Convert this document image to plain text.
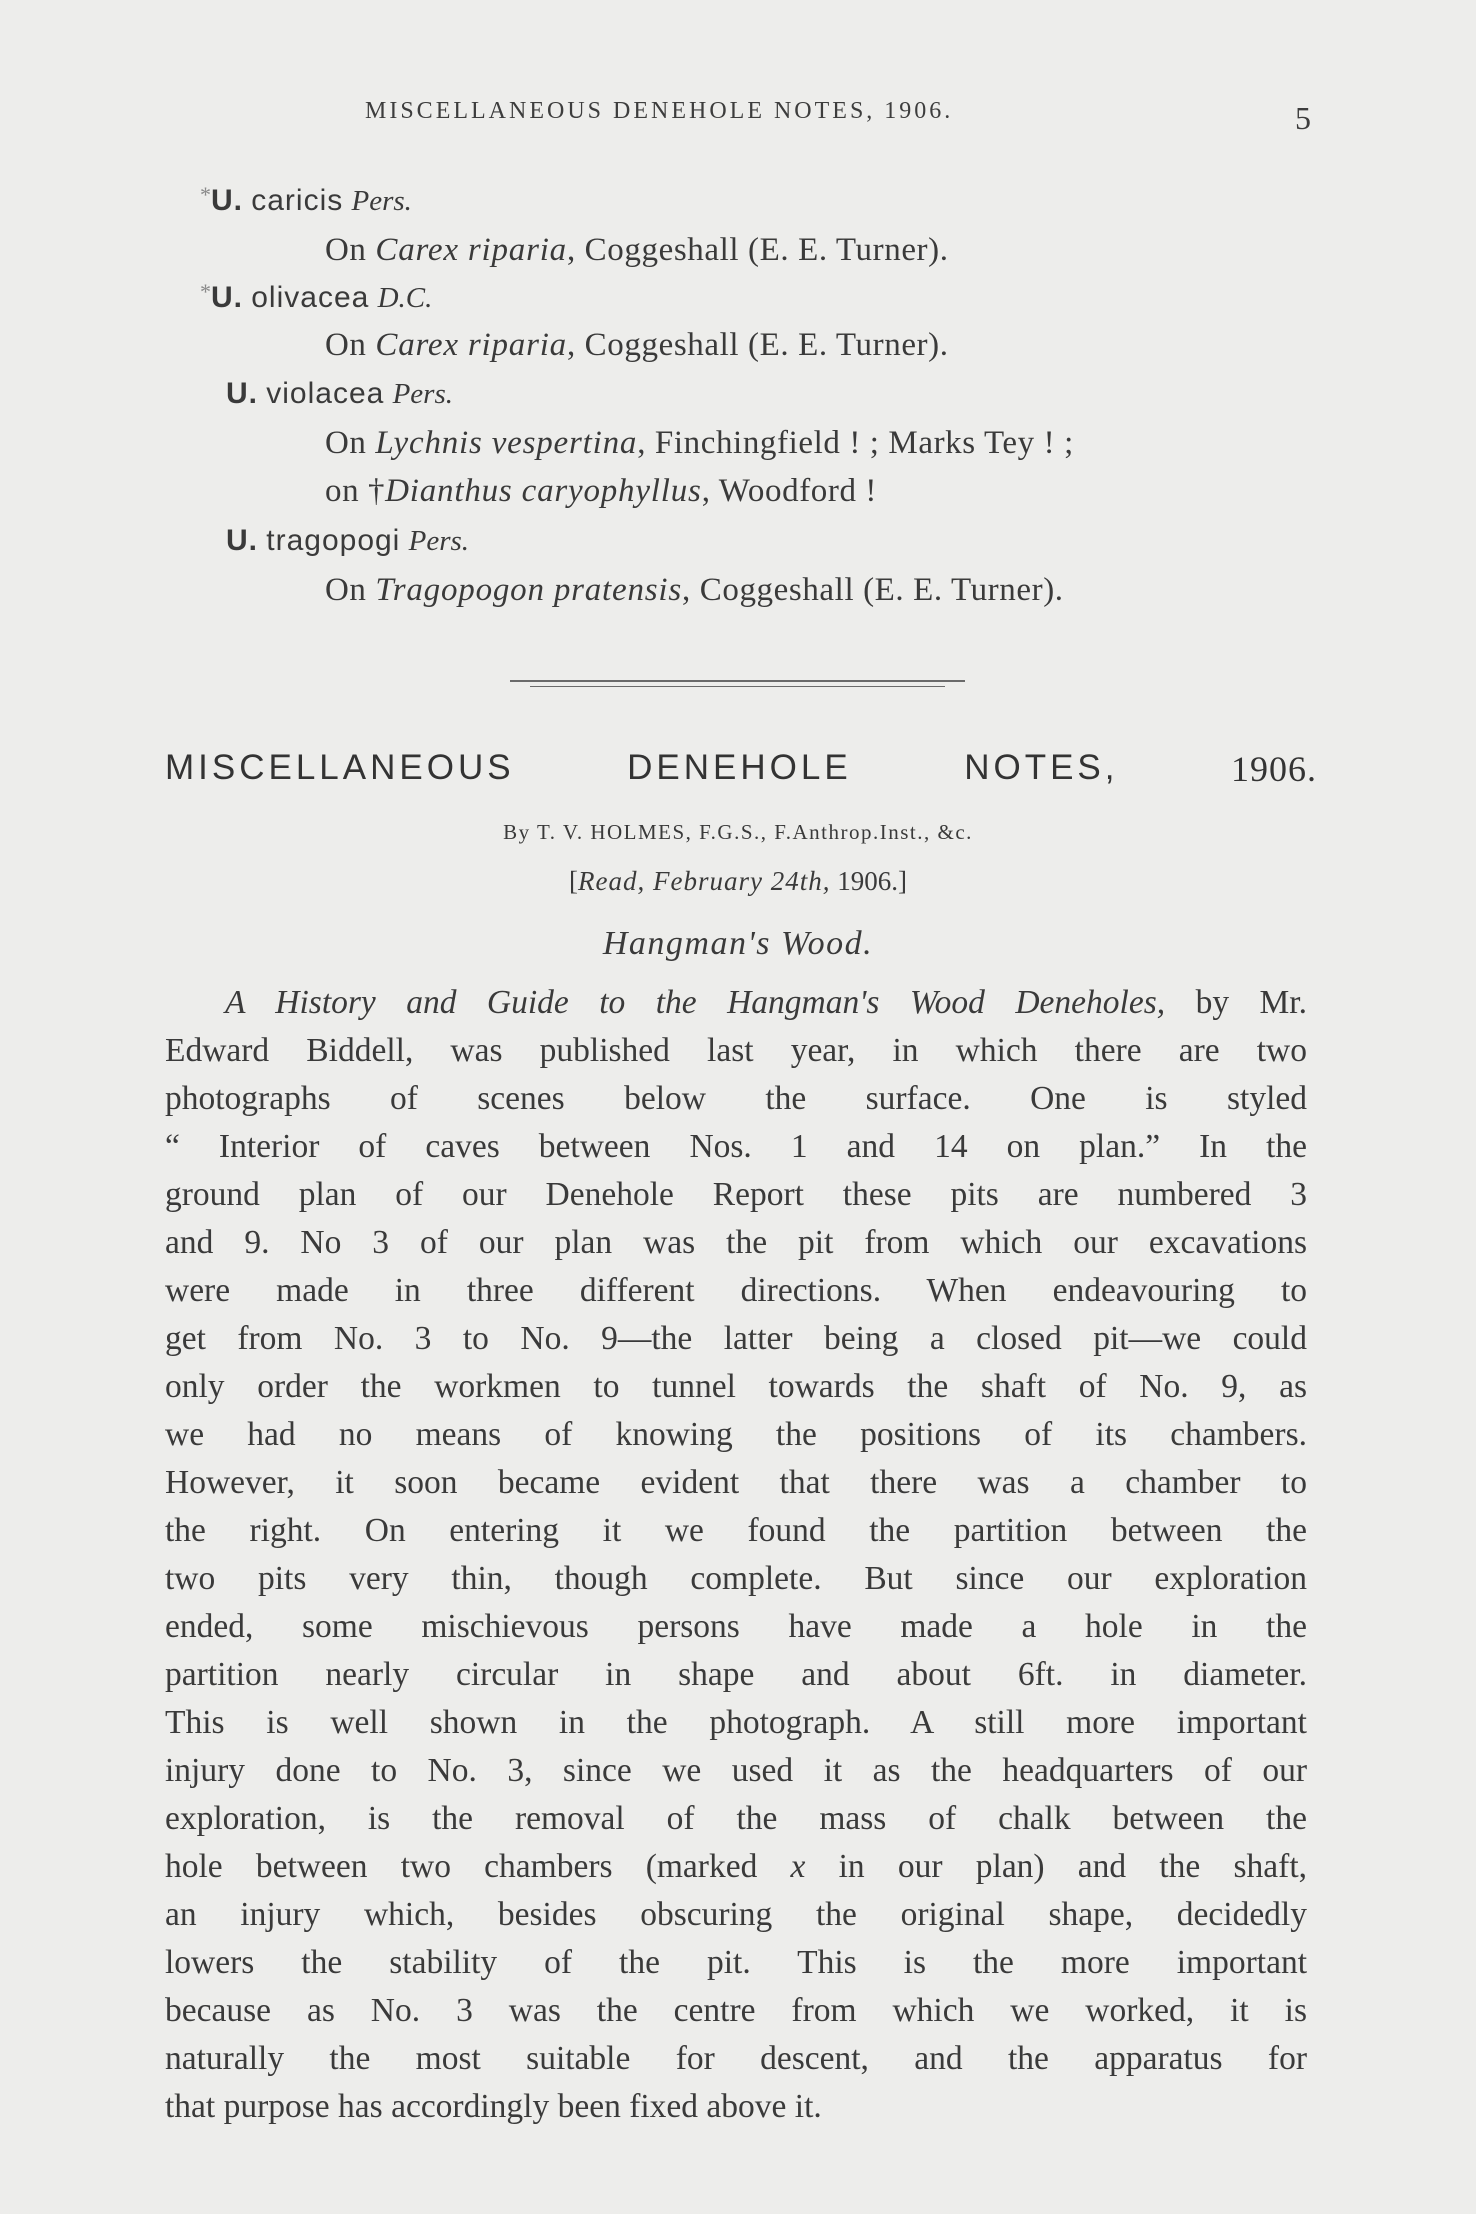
MISCELLANEOUS DENEHOLE NOTES, 1906.	5
*U. caricis Pers.
On Carex riparia, Coggeshall (E. E. Turner).
*U. olivacea D.C.
On Carex riparia, Coggeshall (E. E. Turner).
U. violacea Pers.
On Lychnis vespertina, Finchingfield ! ; Marks Tey ! ;
on †Dianthus caryophyllus, Woodford !
U. tragopogi Pers.
On Tragopogon pratensis, Coggeshall (E. E. Turner).
MISCELLANEOUS	DENEHOLE	NOTES,	1906.
By T. V. HOLMES, F.G.S., F.Anthrop.Inst., &c.
[Read, February 24th, 1906.]
Hangman's Wood.
A History and Guide to the Hangman's Wood Deneholes, by Mr.
Edward Biddell, was published last year, in which there are two
photographs of scenes below the surface. One is styled
“ Interior of caves between Nos. 1 and 14 on plan.” In the
ground plan of our Denehole Report these pits are numbered 3
and 9. No 3 of our plan was the pit from which our excavations
were made in three different directions. When endeavouring to
get from No. 3 to No. 9—the latter being a closed pit—we could
only order the workmen to tunnel towards the shaft of No. 9, as
we had no means of knowing the positions of its chambers.
However, it soon became evident that there was a chamber to
the right. On entering it we found the partition between the
two pits very thin, though complete. But since our exploration
ended, some mischievous persons have made a hole in the
partition nearly circular in shape and about 6ft. in diameter.
This is well shown in the photograph. A still more important
injury done to No. 3, since we used it as the headquarters of our
exploration, is the removal of the mass of chalk between the
hole between two chambers (marked x in our plan) and the shaft,
an injury which, besides obscuring the original shape, decidedly
lowers the stability of the pit. This is the more important
because as No. 3 was the centre from which we worked, it is
naturally the most suitable for descent, and the apparatus for
that purpose has accordingly been fixed above it.
